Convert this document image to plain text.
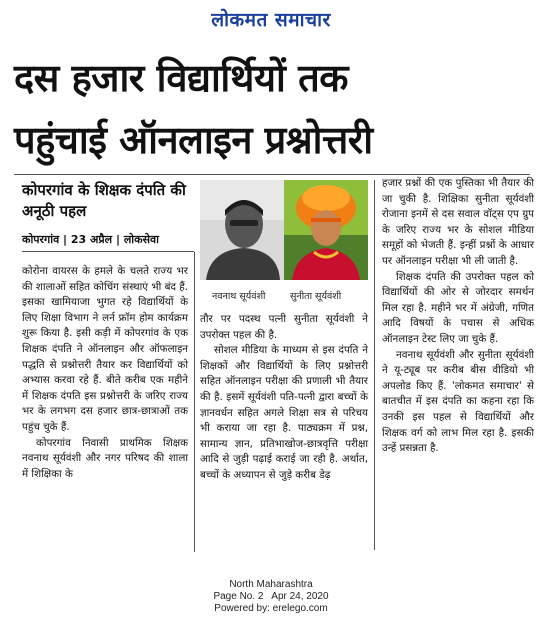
लोकमत समाचार
दस हजार विद्यार्थियों तक
पहुंचाई ऑनलाइन प्रश्नोत्तरी
कोपरगांव के शिक्षक दंपति की अनूठी पहल
कोपरगांव | 23 अप्रैल | लोकसेवा
नवनाथ सूर्यवंशी	सुनीता सूर्यवंशी

कोरोना वायरस के हमले के चलते राज्य भर की शालाओं सहित कोचिंग संस्थाएं भी बंद हैं. इसका खामियाजा भुगत रहे विद्यार्थियों के लिए शिक्षा विभाग ने लर्न फ्रॉम होम कार्यक्रम शुरू किया है. इसी कड़ी में कोपरगांव के एक शिक्षक दंपति ने ऑनलाइन और ऑफलाइन पद्धति से प्रश्नोत्तरी तैयार कर विद्यार्थियों को अभ्यास करवा रहे हैं. बीते करीब एक महीने में शिक्षक दंपति इस प्रश्नोत्तरी के जरिए राज्य भर के लगभग दस हजार छात्र-छात्राओं तक पहुंच चुके हैं.

कोपरगांव निवासी प्राथमिक शिक्षक नवनाथ सूर्यवंशी और नगर परिषद की शाला में शिक्षिका के

तौर पर पदस्थ पत्नी सुनीता सूर्यवंशी ने उपरोक्त पहल की है.

सोशल मीडिया के माध्यम से इस दंपति ने शिक्षकों और विद्यार्थियों के लिए प्रश्नोत्तरी सहित ऑनलाइन परीक्षा की प्रणाली भी तैयार की है. इसमें सूर्यवंशी पति-पत्नी द्वारा बच्चों के ज्ञानवर्धन सहित अगले शिक्षा सत्र से परिचय भी कराया जा रहा है. पाठ्यक्रम में प्रश्न, सामान्य ज्ञान, प्रतिभाखोज-छात्रवृत्ति परीक्षा आदि से जुड़ी पढ़ाई कराई जा रही है. अर्थात, बच्चों के अध्यापन से जुड़े करीब डेढ़

हजार प्रश्नों की एक पुस्तिका भी तैयार की जा चुकी है. शिक्षिका सुनीता सूर्यवंशी रोजाना इनमें से दस सवाल वॉट्स एप ग्रुप के जरिए राज्य भर के सोशल मीडिया समूहों को भेजती हैं. इन्हीं प्रश्नों के आधार पर ऑनलाइन परीक्षा भी ली जाती है.

शिक्षक दंपति की उपरोक्त पहल को विद्यार्थियों की ओर से जोरदार समर्थन मिल रहा है. महीने भर में अंग्रेजी, गणित आदि विषयों के पचास से अधिक ऑनलाइन टेस्ट लिए जा चुके हैं.

नवनाथ सूर्यवंशी और सुनीता सूर्यवंशी ने यू-ट्यूब पर करीब बीस वीडियो भी अपलोड किए हैं. 'लोकमत समाचार' से बातचीत में इस दंपति का कहना रहा कि उनकी इस पहल से विद्यार्थियों और शिक्षक वर्ग को लाभ मिल रहा है. इसकी उन्हें प्रसन्नता है.

North Maharashtra
Page No. 2   Apr 24, 2020
Powered by: erelego.com
